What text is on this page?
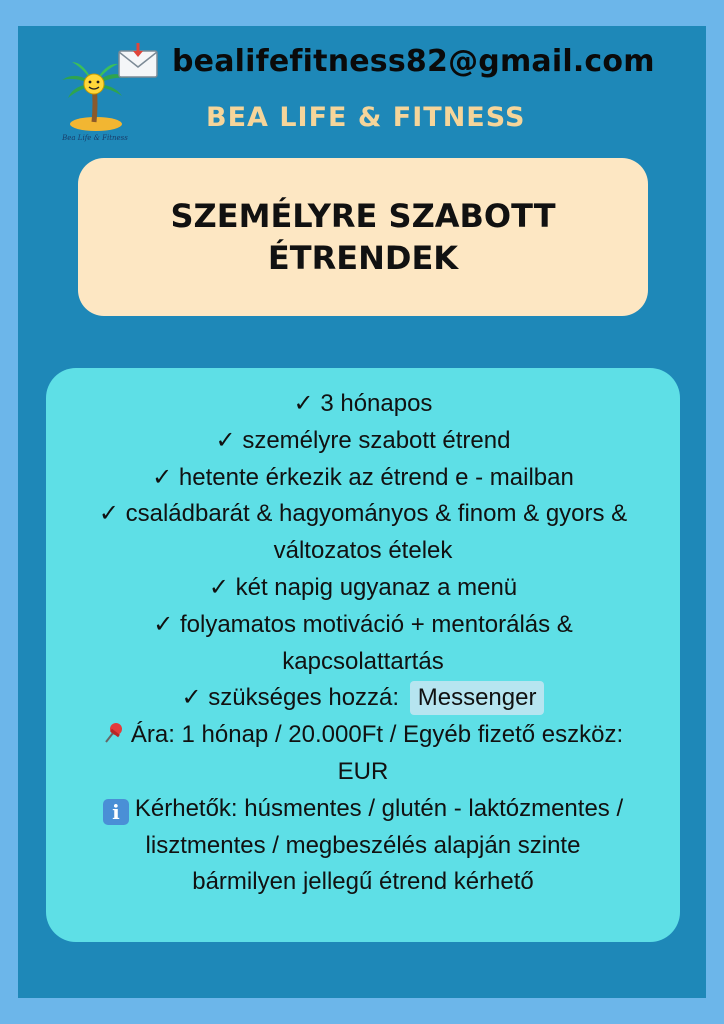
Bea Life & Fitness
bealifefitness82@gmail.com
BEA LIFE & FITNESS
SZEMÉLYRE SZABOTT
ÉTRENDEK
✓ 3 hónapos
✓ személyre szabott étrend
✓ hetente érkezik az étrend e - mailban
✓ családbarát & hagyományos & finom & gyors &
változatos ételek
✓ két napig ugyanaz a menü
✓ folyamatos motiváció + mentorálás &
kapcsolattartás
✓ szükséges hozzá: Messenger
Ára: 1 hónap / 20.000Ft / Egyéb fizető eszköz:
EUR
i Kérhetők: húsmentes / glutén - laktózmentes /
lisztmentes / megbeszélés alapján szinte
bármilyen jellegű étrend kérhető
